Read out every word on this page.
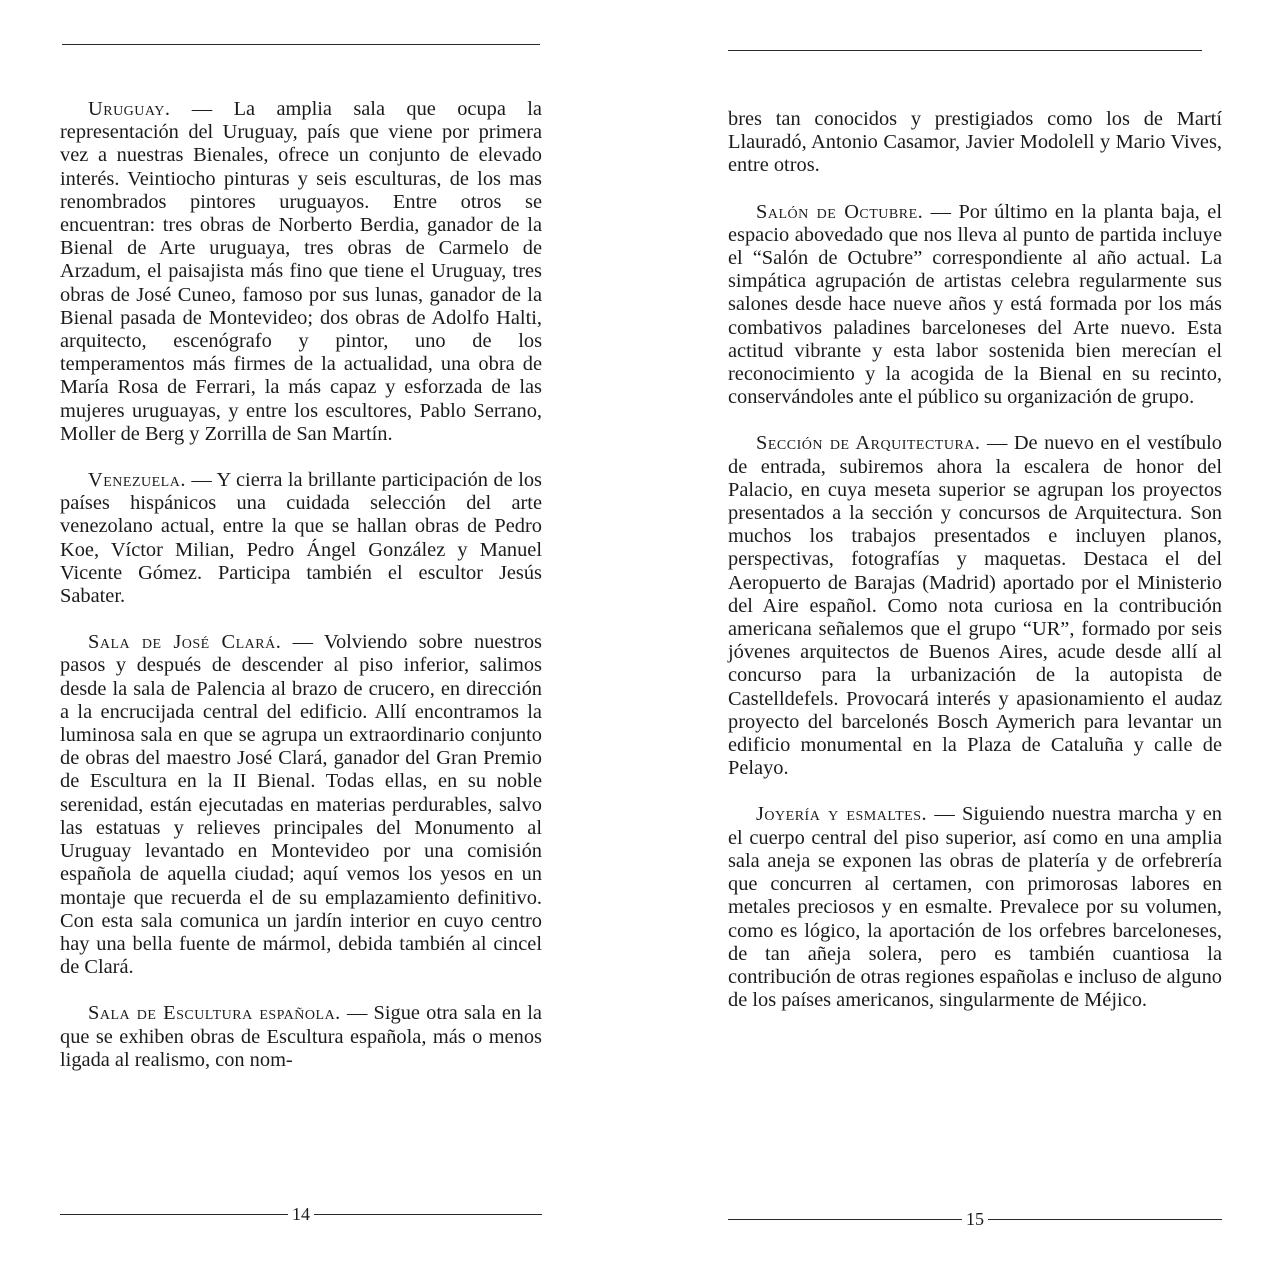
Uruguay. — La amplia sala que ocupa la representación del Uruguay, país que viene por primera vez a nuestras Bienales, ofrece un conjunto de elevado interés. Veintiocho pinturas y seis esculturas, de los mas renombrados pintores uruguayos. Entre otros se encuentran: tres obras de Norberto Berdia, ganador de la Bienal de Arte uruguaya, tres obras de Carmelo de Arzadum, el paisajista más fino que tiene el Uruguay, tres obras de José Cuneo, famoso por sus lunas, ganador de la Bienal pasada de Montevideo; dos obras de Adolfo Halti, arquitecto, escenógrafo y pintor, uno de los temperamentos más firmes de la actualidad, una obra de María Rosa de Ferrari, la más capaz y esforzada de las mujeres uruguayas, y entre los escultores, Pablo Serrano, Moller de Berg y Zorrilla de San Martín.

Venezuela. — Y cierra la brillante participación de los países hispánicos una cuidada selección del arte venezolano actual, entre la que se hallan obras de Pedro Koe, Víctor Milian, Pedro Ángel González y Manuel Vicente Gómez. Participa también el escultor Jesús Sabater.

Sala de José Clará. — Volviendo sobre nuestros pasos y después de descender al piso inferior, salimos desde la sala de Palencia al brazo de crucero, en dirección a la encrucijada central del edificio. Allí encontramos la luminosa sala en que se agrupa un extraordinario conjunto de obras del maestro José Clará, ganador del Gran Premio de Escultura en la II Bienal. Todas ellas, en su noble serenidad, están ejecutadas en materias perdurables, salvo las estatuas y relieves principales del Monumento al Uruguay levantado en Montevideo por una comisión española de aquella ciudad; aquí vemos los yesos en un montaje que recuerda el de su emplazamiento definitivo. Con esta sala comunica un jardín interior en cuyo centro hay una bella fuente de mármol, debida también al cincel de Clará.

Sala de Escultura española. — Sigue otra sala en la que se exhiben obras de Escultura española, más o menos ligada al realismo, con nom-

14

bres tan conocidos y prestigiados como los de Martí Llauradó, Antonio Casamor, Javier Modolell y Mario Vives, entre otros.

Salón de Octubre. — Por último en la planta baja, el espacio abovedado que nos lleva al punto de partida incluye el “Salón de Octubre” correspondiente al año actual. La simpática agrupación de artistas celebra regularmente sus salones desde hace nueve años y está formada por los más combativos paladines barceloneses del Arte nuevo. Esta actitud vibrante y esta labor sostenida bien merecían el reconocimiento y la acogida de la Bienal en su recinto, conservándoles ante el público su organización de grupo.

Sección de Arquitectura. — De nuevo en el vestíbulo de entrada, subiremos ahora la escalera de honor del Palacio, en cuya meseta superior se agrupan los proyectos presentados a la sección y concursos de Arquitectura. Son muchos los trabajos presentados e incluyen planos, perspectivas, fotografías y maquetas. Destaca el del Aeropuerto de Barajas (Madrid) aportado por el Ministerio del Aire español. Como nota curiosa en la contribución americana señalemos que el grupo “UR”, formado por seis jóvenes arquitectos de Buenos Aires, acude desde allí al concurso para la urbanización de la autopista de Castelldefels. Provocará interés y apasionamiento el audaz proyecto del barcelonés Bosch Aymerich para levantar un edificio monumental en la Plaza de Cataluña y calle de Pelayo.

Joyería y esmaltes. — Siguiendo nuestra marcha y en el cuerpo central del piso superior, así como en una amplia sala aneja se exponen las obras de platería y de orfebrería que concurren al certamen, con primorosas labores en metales preciosos y en esmalte. Prevalece por su volumen, como es lógico, la aportación de los orfebres barceloneses, de tan añeja solera, pero es también cuantiosa la contribución de otras regiones españolas e incluso de alguno de los países americanos, singularmente de Méjico.

15
